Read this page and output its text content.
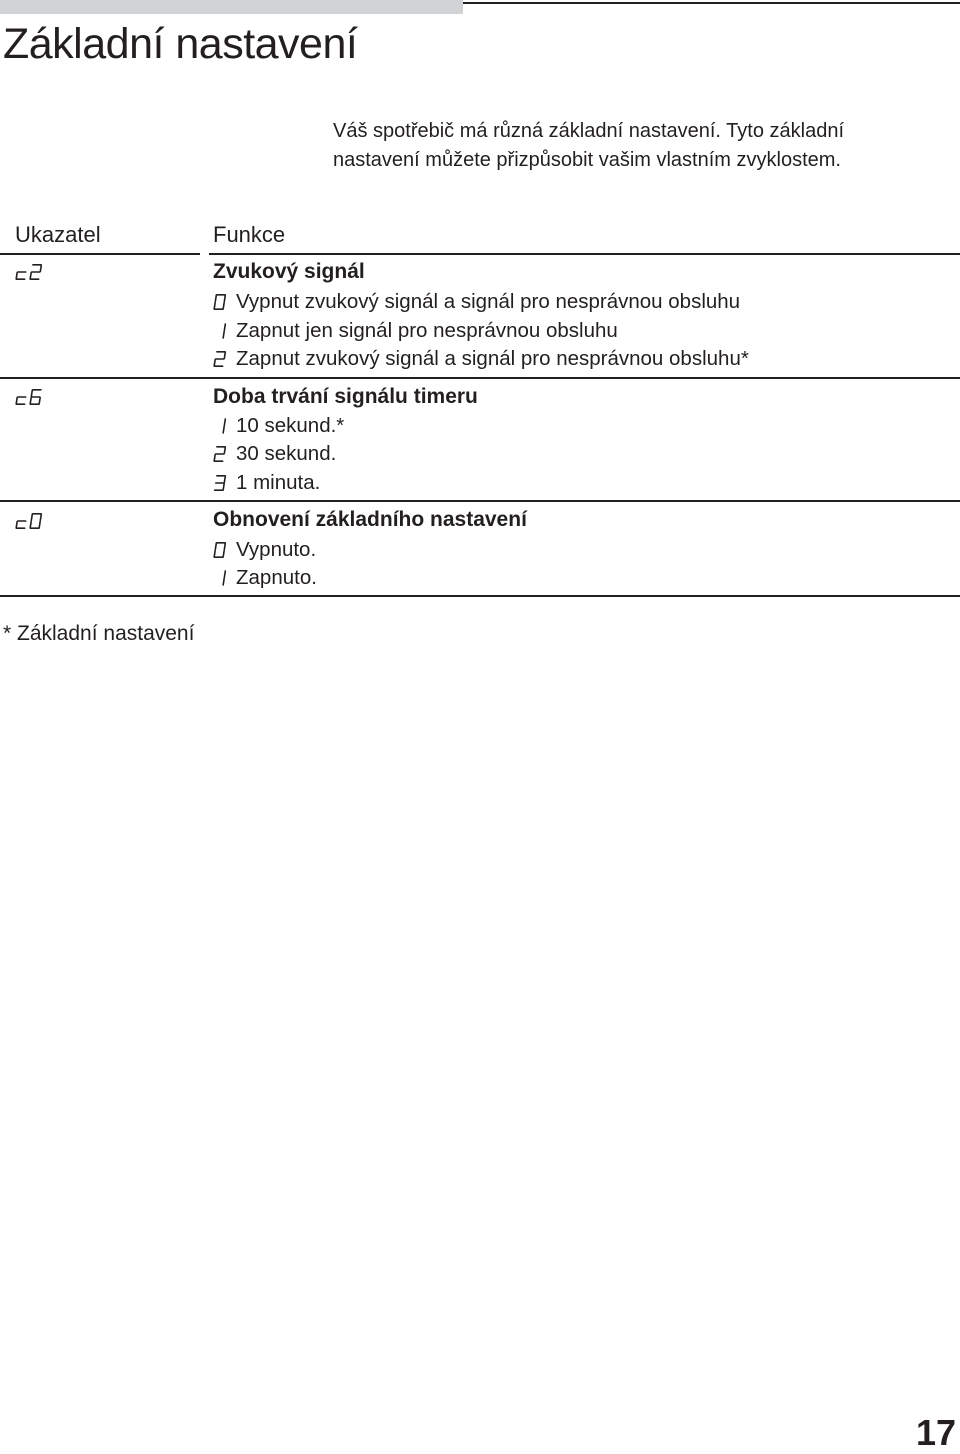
Základní nastavení

Váš spotřebič má různá základní nastavení. Tyto základní
nastavení můžete přizpůsobit vašim vlastním zvyklostem.

Ukazatel	Funkce
Zvukový signál
Vypnut zvukový signál a signál pro nesprávnou obsluhu
Zapnut jen signál pro nesprávnou obsluhu
Zapnut zvukový signál a signál pro nesprávnou obsluhu*
Doba trvání signálu timeru
10 sekund.*
30 sekund.
1 minuta.
Obnovení základního nastavení
Vypnuto.
Zapnuto.
* Základní nastavení
17
